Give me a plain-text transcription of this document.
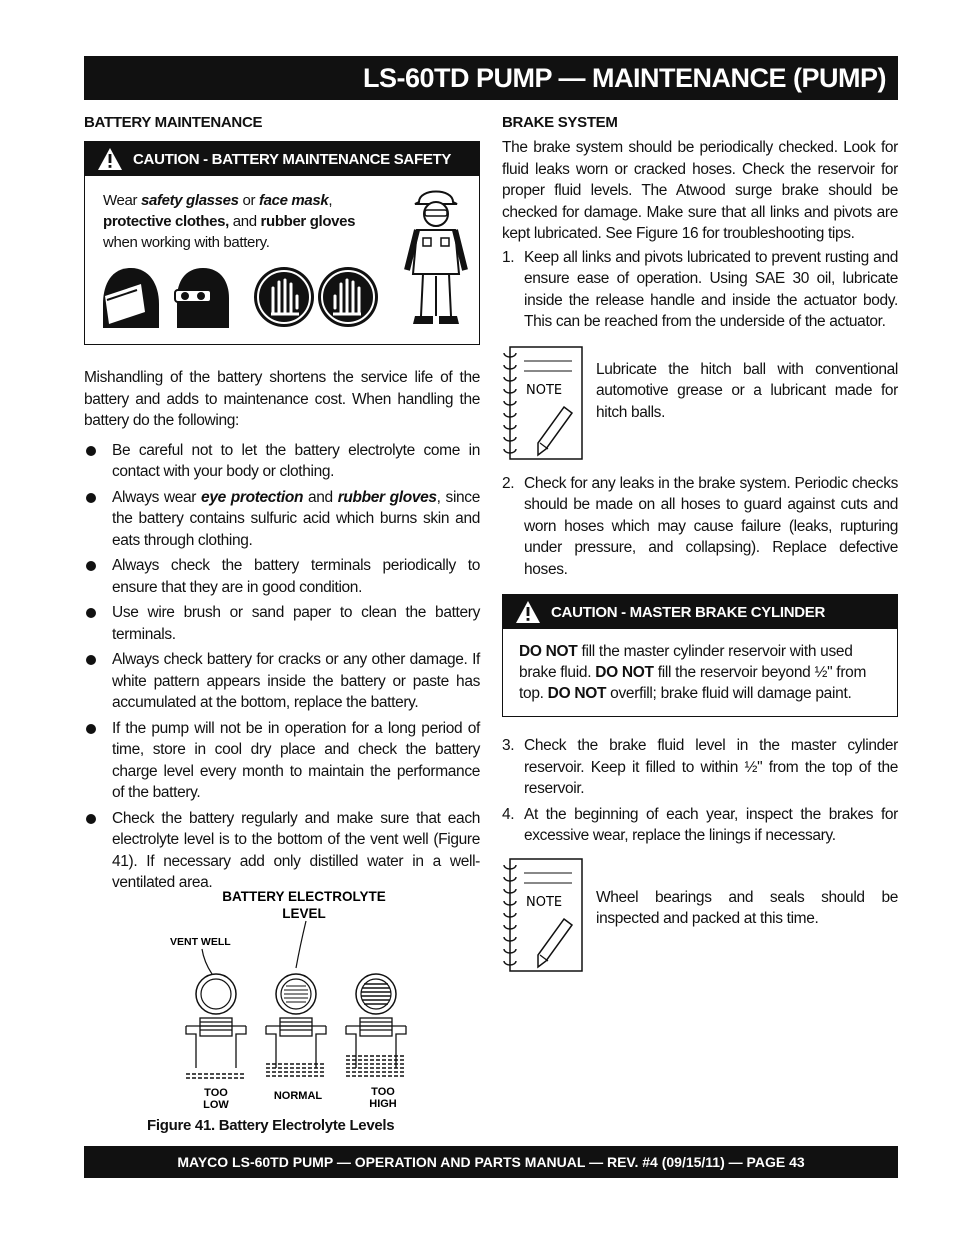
LS-60TD PUMP — MAINTENANCE (PUMP)
BATTERY MAINTENANCE
CAUTION - BATTERY MAINTENANCE SAFETY
Wear safety glasses or face mask,
protective clothes, and rubber gloves when working with battery.

Mishandling of the battery shortens the service life of the battery and adds to maintenance cost. When handling the battery do the following:

Be careful not to let the battery electrolyte come in contact with your body or clothing.
Always wear eye protection and rubber gloves, since the battery contains sulfuric acid which burns skin and eats through clothing.
Always check the battery terminals periodically to ensure that they are in good condition.
Use wire brush or sand paper to clean the battery terminals.
Always check battery for cracks or any other damage. If white pattern appears inside the battery or paste has accumulated at the bottom, replace the battery.
If the pump will not be in operation for a long period of time, store in cool dry place and check the battery charge level every month to maintain the performance of the battery.
Check the battery regularly and make sure that each electrolyte level is to the bottom of the vent well (Figure 41). If necessary add only distilled water in a well-ventilated area.
BATTERY ELECTROLYTE
LEVEL
VENT WELL
TOO
LOW
NORMAL	TOO
HIGH
Figure 41. Battery Electrolyte Levels
BRAKE SYSTEM

The brake system should be periodically checked. Look for fluid leaks worn or cracked hoses. Check the reservoir for proper fluid levels. The Atwood surge brake should be checked for damage. Make sure that all links and pivots are kept lubricated. See Figure 16 for troubleshooting tips.

1. Keep all links and pivots lubricated to prevent rusting and ensure ease of operation. Using SAE 30 oil, lubricate inside the release handle and inside the actuator body. This can be reached from the underside of the actuator.
NOTE
Lubricate the hitch ball with conventional automotive grease or a lubricant made for hitch balls.
2. Check for any leaks in the brake system. Periodic checks should be made on all hoses to guard against cuts and worn hoses which may cause failure (leaks, rupturing under pressure, and collapsing). Replace defective hoses.
CAUTION - MASTER BRAKE CYLINDER
DO NOT fill the master cylinder reservoir with used brake fluid. DO NOT fill the reservoir beyond ½" from top. DO NOT overfill; brake fluid will damage paint.
3. Check the brake fluid level in the master cylinder reservoir. Keep it filled to within ½" from the top of the reservoir.
4. At the beginning of each year, inspect the brakes for excessive wear, replace the linings if necessary.
NOTE Wheel bearings and seals should be inspected and packed at this time.
MAYCO LS-60TD PUMP — OPERATION AND PARTS MANUAL — REV. #4 (09/15/11) — PAGE 43
